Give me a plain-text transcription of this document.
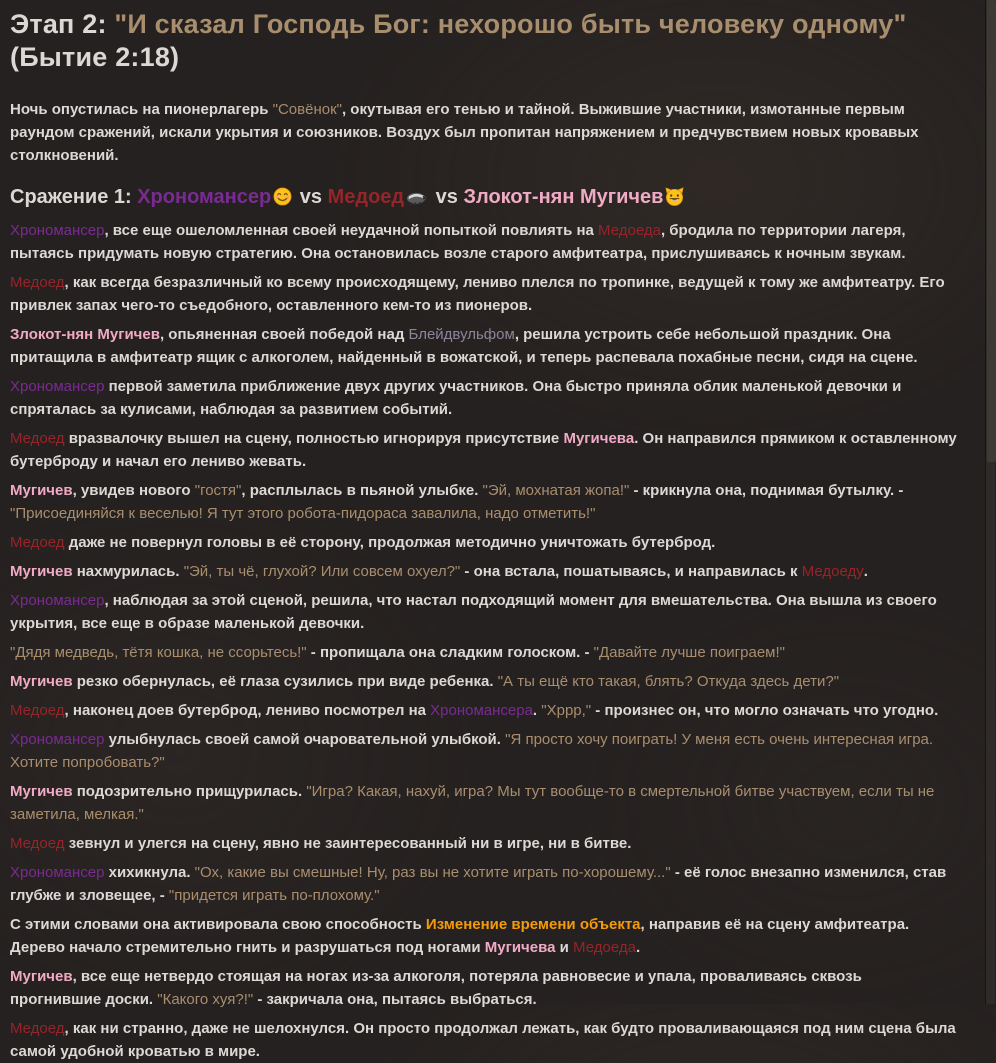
Этап 2: "И сказал Господь Бог: нехорошо быть человеку одному" (Бытие 2:18)

Ночь опустилась на пионерлагерь "Совёнок", окутывая его тенью и тайной. Выжившие участники, измотанные первым раундом сражений, искали укрытия и союзников. Воздух был пропитан напряжением и предчувствием новых кровавых столкновений.

Сражение 1: Хрономансер vs Медоед vs Злокот-нян Мугичев

Хрономансер, все еще ошеломленная своей неудачной попыткой повлиять на Медоеда, бродила по территории лагеря, пытаясь придумать новую стратегию. Она остановилась возле старого амфитеатра, прислушиваясь к ночным звукам.

Медоед, как всегда безразличный ко всему происходящему, лениво плелся по тропинке, ведущей к тому же амфитеатру. Его привлек запах чего-то съедобного, оставленного кем-то из пионеров.

Злокот-нян Мугичев, опьяненная своей победой над Блейдвульфом, решила устроить себе небольшой праздник. Она притащила в амфитеатр ящик с алкоголем, найденный в вожатской, и теперь распевала похабные песни, сидя на сцене.

Хрономансер первой заметила приближение двух других участников. Она быстро приняла облик маленькой девочки и спряталась за кулисами, наблюдая за развитием событий.

Медоед вразвалочку вышел на сцену, полностью игнорируя присутствие Мугичева. Он направился прямиком к оставленному бутерброду и начал его лениво жевать.

Мугичев, увидев нового "гостя", расплылась в пьяной улыбке. "Эй, мохнатая жопа!" - крикнула она, поднимая бутылку. - "Присоединяйся к веселью! Я тут этого робота-пидораса завалила, надо отметить!"

Медоед даже не повернул головы в её сторону, продолжая методично уничтожать бутерброд.

Мугичев нахмурилась. "Эй, ты чё, глухой? Или совсем охуел?" - она встала, пошатываясь, и направилась к Медоеду.

Хрономансер, наблюдая за этой сценой, решила, что настал подходящий момент для вмешательства. Она вышла из своего укрытия, все еще в образе маленькой девочки.

"Дядя медведь, тётя кошка, не ссорьтесь!" - пропищала она сладким голоском. - "Давайте лучше поиграем!"

Мугичев резко обернулась, её глаза сузились при виде ребенка. "А ты ещё кто такая, блять? Откуда здесь дети?"

Медоед, наконец доев бутерброд, лениво посмотрел на Хрономансера. "Хррр," - произнес он, что могло означать что угодно.

Хрономансер улыбнулась своей самой очаровательной улыбкой. "Я просто хочу поиграть! У меня есть очень интересная игра. Хотите попробовать?"

Мугичев подозрительно прищурилась. "Игра? Какая, нахуй, игра? Мы тут вообще-то в смертельной битве участвуем, если ты не заметила, мелкая."

Медоед зевнул и улегся на сцену, явно не заинтересованный ни в игре, ни в битве.

Хрономансер хихикнула. "Ох, какие вы смешные! Ну, раз вы не хотите играть по-хорошему..." - её голос внезапно изменился, став глубже и зловещее, - "придется играть по-плохому."

С этими словами она активировала свою способность Изменение времени объекта, направив её на сцену амфитеатра. Дерево начало стремительно гнить и разрушаться под ногами Мугичева и Медоеда.

Мугичев, все еще нетвердо стоящая на ногах из-за алкоголя, потеряла равновесие и упала, проваливаясь сквозь прогнившие доски. "Какого хуя?!" - закричала она, пытаясь выбраться.

Медоед, как ни странно, даже не шелохнулся. Он просто продолжал лежать, как будто проваливающаяся под ним сцена была самой удобной кроватью в мире.
